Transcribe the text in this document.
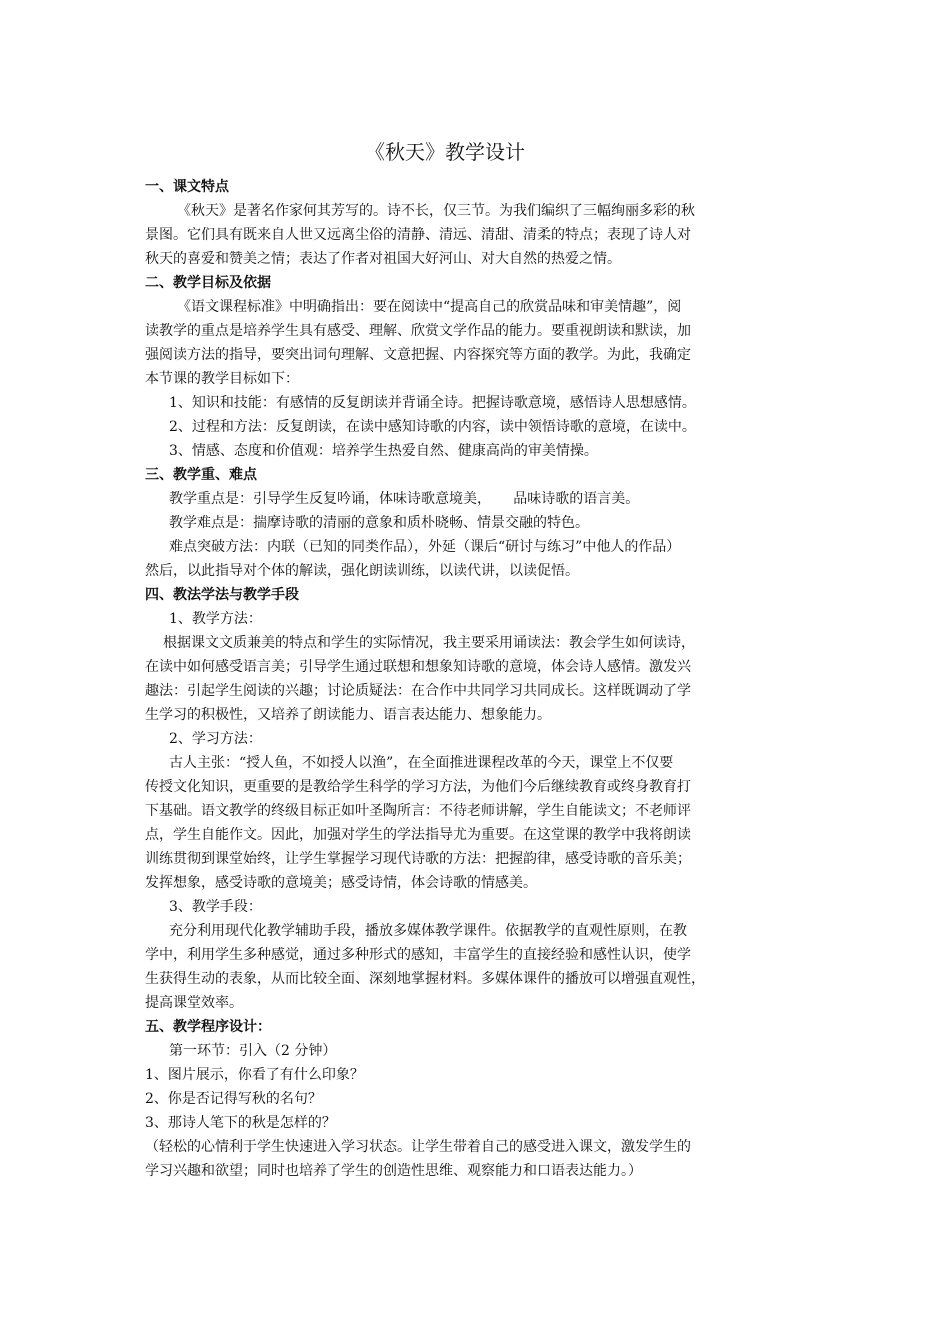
《秋天》教学设计

一、课文特点

《秋天》是著名作家何其芳写的。诗不长，仅三节。为我们编织了三幅绚丽多彩的秋

景图。它们具有既来自人世又远离尘俗的清静、清远、清甜、清柔的特点；表现了诗人对

秋天的喜爱和赞美之情；表达了作者对祖国大好河山、对大自然的热爱之情。

二、教学目标及依据

《语文课程标准》中明确指出：要在阅读中“提高自己的欣赏品味和审美情趣”，阅

读教学的重点是培养学生具有感受、理解、欣赏文学作品的能力。要重视朗读和默读，加

强阅读方法的指导，要突出词句理解、文意把握、内容探究等方面的教学。为此，我确定

本节课的教学目标如下：

1、知识和技能：有感情的反复朗读并背诵全诗。把握诗歌意境，感悟诗人思想感情。

2、过程和方法：反复朗读，在读中感知诗歌的内容，读中领悟诗歌的意境，在读中。

3、情感、态度和价值观：培养学生热爱自然、健康高尚的审美情操。

三、教学重、难点

教学重点是：引导学生反复吟诵，体味诗歌意境美，     品味诗歌的语言美。

教学难点是：揣摩诗歌的清丽的意象和质朴晓畅、情景交融的特色。

难点突破方法：内联（已知的同类作品），外延（课后“研讨与练习”中他人的作品）

然后，以此指导对个体的解读，强化朗读训练，以读代讲，以读促悟。

四、教法学法与教学手段

1、教学方法：

根据课文文质兼美的特点和学生的实际情况，我主要采用诵读法：教会学生如何读诗，

在读中如何感受语言美；引导学生通过联想和想象知诗歌的意境，体会诗人感情。激发兴

趣法：引起学生阅读的兴趣；讨论质疑法：在合作中共同学习共同成长。这样既调动了学

生学习的积极性，又培养了朗读能力、语言表达能力、想象能力。

2、学习方法：

古人主张：“授人鱼，不如授人以渔”，在全面推进课程改革的今天，课堂上不仅要

传授文化知识，更重要的是教给学生科学的学习方法，为他们今后继续教育或终身教育打

下基础。语文教学的终级目标正如叶圣陶所言：不待老师讲解，学生自能读文；不老师评

点，学生自能作文。因此，加强对学生的学法指导尤为重要。在这堂课的教学中我将朗读

训练贯彻到课堂始终，让学生掌握学习现代诗歌的方法：把握韵律，感受诗歌的音乐美；

发挥想象，感受诗歌的意境美；感受诗情，体会诗歌的情感美。

3、教学手段：

充分利用现代化教学辅助手段，播放多媒体教学课件。依据教学的直观性原则，在教

学中，利用学生多种感觉，通过多种形式的感知，丰富学生的直接经验和感性认识，使学

生获得生动的表象，从而比较全面、深刻地掌握材料。多媒体课件的播放可以增强直观性，

提高课堂效率。

五、教学程序设计：

第一环节：引入（2 分钟）

1、图片展示，你看了有什么印象？

2、你是否记得写秋的名句？

3、那诗人笔下的秋是怎样的？

（轻松的心情利于学生快速进入学习状态。让学生带着自己的感受进入课文，激发学生的

学习兴趣和欲望；同时也培养了学生的创造性思维、观察能力和口语表达能力。）
